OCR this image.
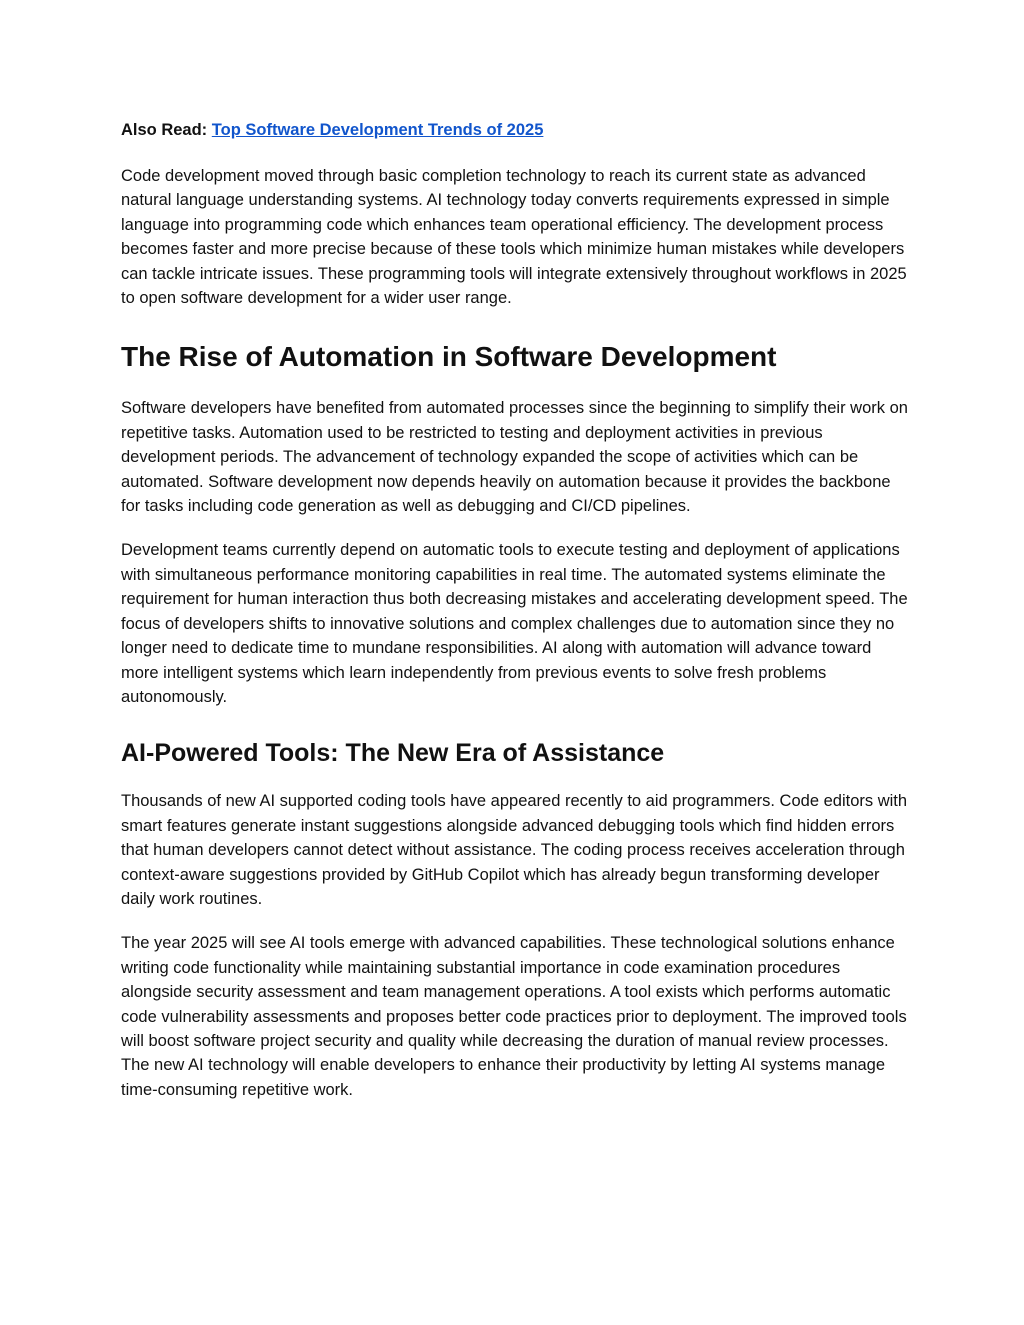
Also Read: Top Software Development Trends of 2025

Code development moved through basic completion technology to reach its current state as advanced natural language understanding systems. AI technology today converts requirements expressed in simple language into programming code which enhances team operational efficiency. The development process becomes faster and more precise because of these tools which minimize human mistakes while developers can tackle intricate issues. These programming tools will integrate extensively throughout workflows in 2025 to open software development for a wider user range.

The Rise of Automation in Software Development

Software developers have benefited from automated processes since the beginning to simplify their work on repetitive tasks. Automation used to be restricted to testing and deployment activities in previous development periods. The advancement of technology expanded the scope of activities which can be automated. Software development now depends heavily on automation because it provides the backbone for tasks including code generation as well as debugging and CI/CD pipelines.

Development teams currently depend on automatic tools to execute testing and deployment of applications with simultaneous performance monitoring capabilities in real time. The automated systems eliminate the requirement for human interaction thus both decreasing mistakes and accelerating development speed. The focus of developers shifts to innovative solutions and complex challenges due to automation since they no longer need to dedicate time to mundane responsibilities. AI along with automation will advance toward more intelligent systems which learn independently from previous events to solve fresh problems autonomously.

AI-Powered Tools: The New Era of Assistance

Thousands of new AI supported coding tools have appeared recently to aid programmers. Code editors with smart features generate instant suggestions alongside advanced debugging tools which find hidden errors that human developers cannot detect without assistance. The coding process receives acceleration through context-aware suggestions provided by GitHub Copilot which has already begun transforming developer daily work routines.

The year 2025 will see AI tools emerge with advanced capabilities. These technological solutions enhance writing code functionality while maintaining substantial importance in code examination procedures alongside security assessment and team management operations. A tool exists which performs automatic code vulnerability assessments and proposes better code practices prior to deployment. The improved tools will boost software project security and quality while decreasing the duration of manual review processes. The new AI technology will enable developers to enhance their productivity by letting AI systems manage time-consuming repetitive work.
